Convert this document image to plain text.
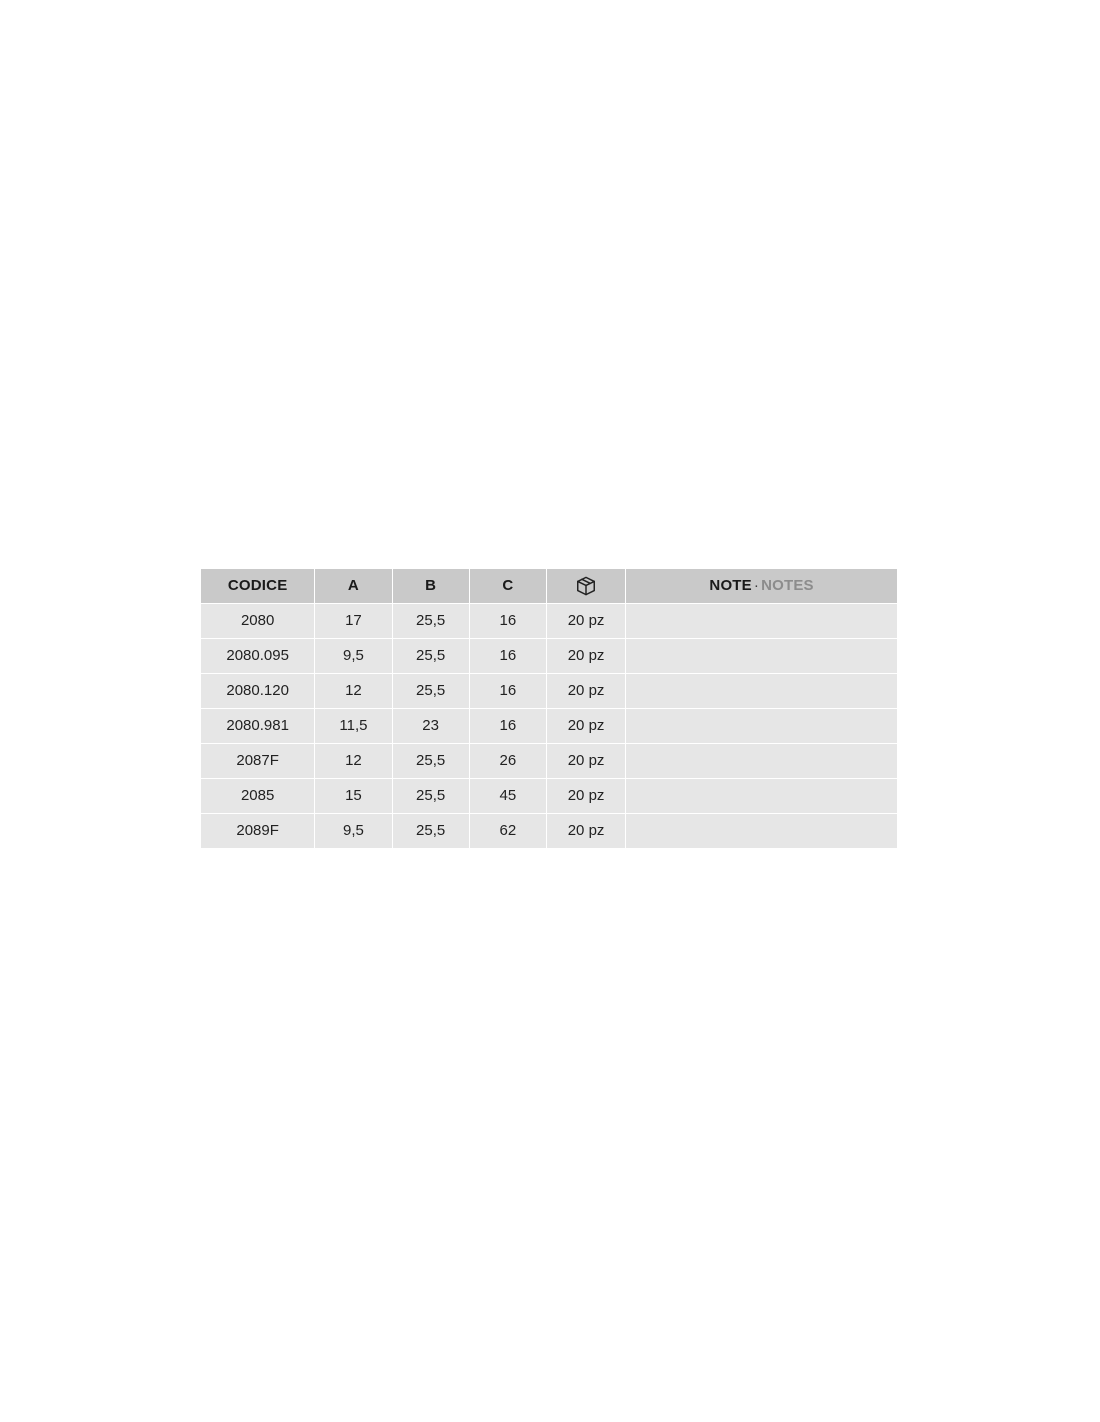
CODICE	A	B	C		NOTE · NOTES
2080	17	25,5	16	20 pz	
2080.095	9,5	25,5	16	20 pz	
2080.120	12	25,5	16	20 pz	
2080.981	11,5	23	16	20 pz	
2087F	12	25,5	26	20 pz	
2085	15	25,5	45	20 pz	
2089F	9,5	25,5	62	20 pz	
